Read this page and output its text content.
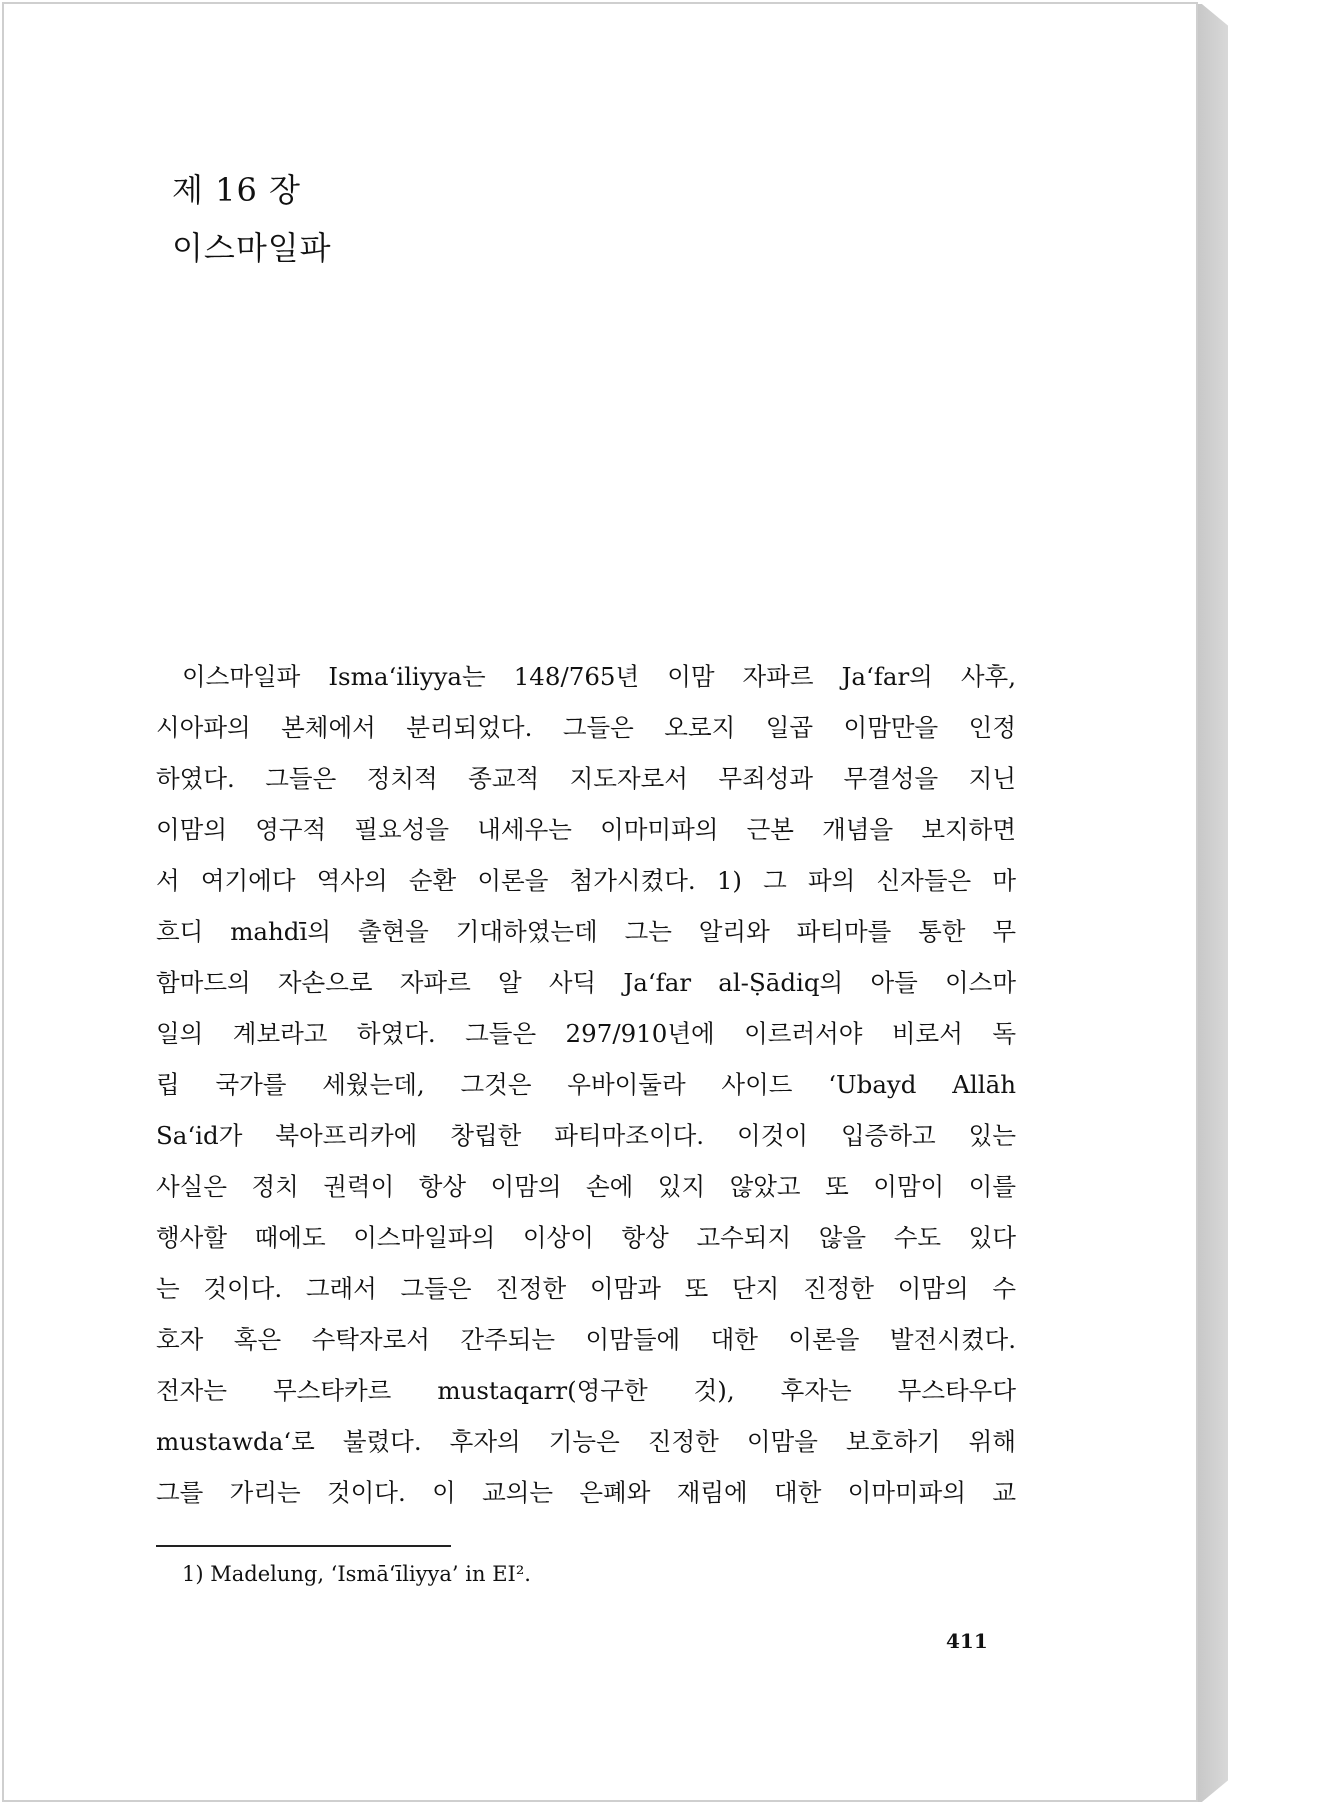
제 16 장
이스마일파
이스마일파 Isma‘iliyya는 148/765년 이맘 자파르 Ja‘far의 사후,
시아파의 본체에서 분리되었다. 그들은 오로지 일곱 이맘만을 인정
하였다. 그들은 정치적 종교적 지도자로서 무죄성과 무결성을 지닌
이맘의 영구적 필요성을 내세우는 이마미파의 근본 개념을 보지하면
서 여기에다 역사의 순환 이론을 첨가시켰다. 1) 그 파의 신자들은 마
흐디 mahdī의 출현을 기대하였는데 그는 알리와 파티마를 통한 무
함마드의 자손으로 자파르 알 사딕 Ja‘far al-Ṣādiq의 아들 이스마
일의 계보라고 하였다. 그들은 297/910년에 이르러서야 비로서 독
립 국가를 세웠는데, 그것은 우바이둘라 사이드 ‘Ubayd Allāh
Sa‘id가 북아프리카에 창립한 파티마조이다. 이것이 입증하고 있는
사실은 정치 권력이 항상 이맘의 손에 있지 않았고 또 이맘이 이를
행사할 때에도 이스마일파의 이상이 항상 고수되지 않을 수도 있다
는 것이다. 그래서 그들은 진정한 이맘과 또 단지 진정한 이맘의 수
호자 혹은 수탁자로서 간주되는 이맘들에 대한 이론을 발전시켰다.
전자는 무스타카르 mustaqarr(영구한 것), 후자는 무스타우다
mustawda‘로 불렸다. 후자의 기능은 진정한 이맘을 보호하기 위해
그를 가리는 것이다. 이 교의는 은폐와 재림에 대한 이마미파의 교
1) Madelung, ‘Ismā‘īliyya’ in EI².
411
